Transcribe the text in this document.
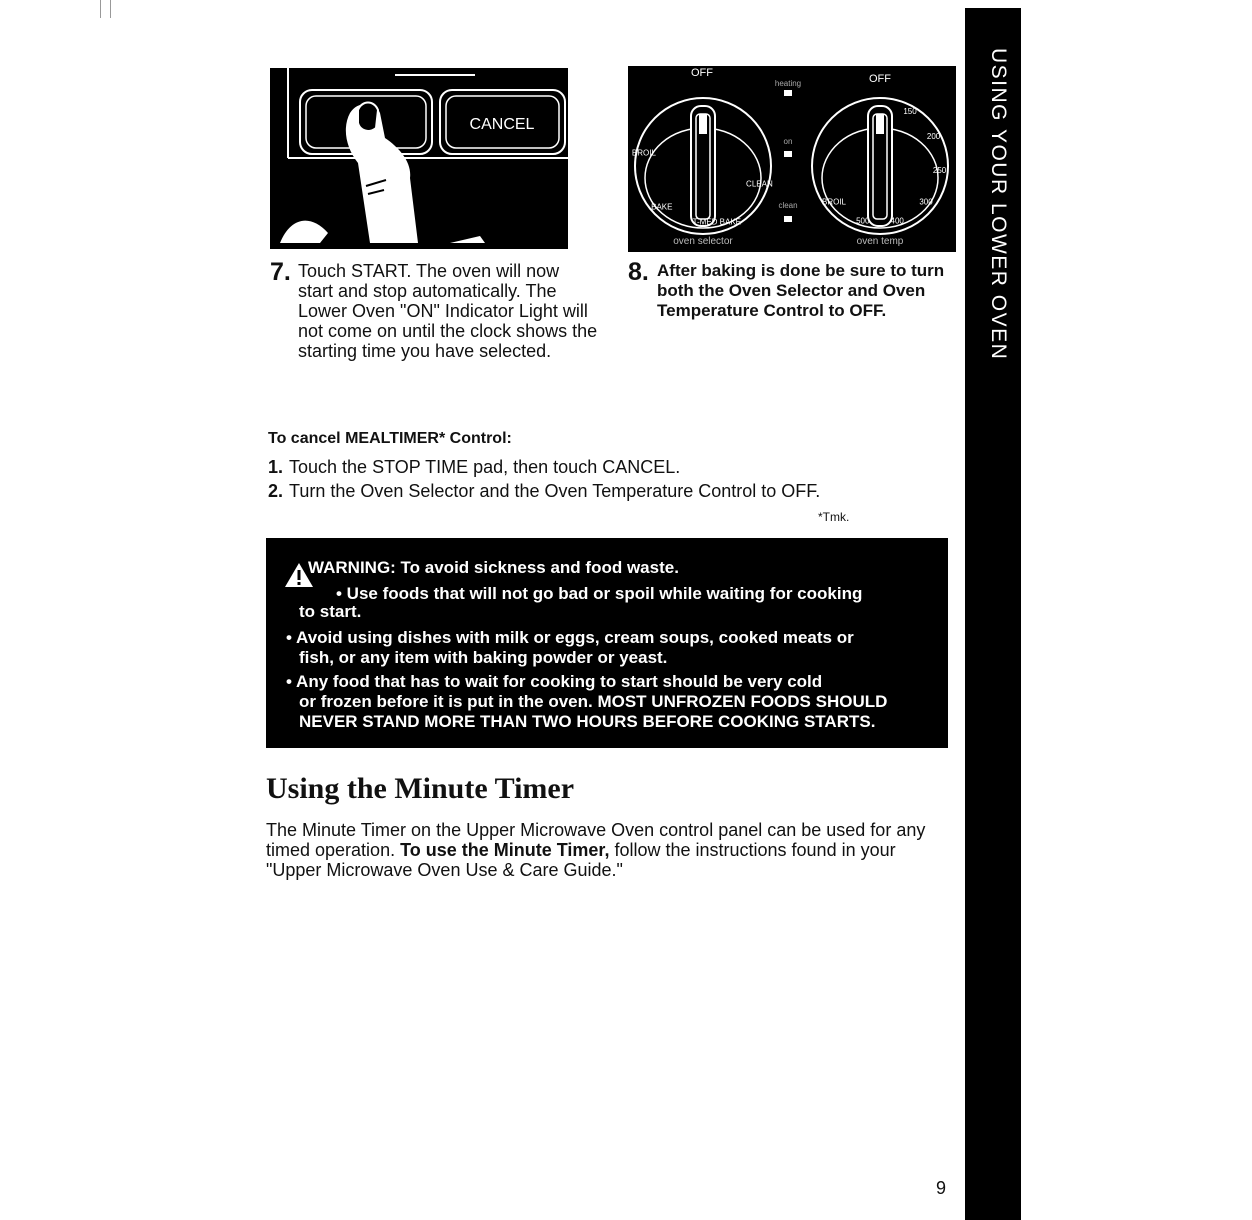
USING YOUR LOWER OVEN
CANCEL
7. Touch START. The oven will now start and stop automatically. The Lower Oven "ON" Indicator Light will not come on until the clock shows the starting time you have selected.
OFF	OFF
heating
on
clean
BROIL
BAKE
T-MED BAKE
CLEAN
150
200
250
300
400
500
BROIL
oven selector	oven temp
8. After baking is done be sure to turn both the Oven Selector and Oven Temperature Control to OFF.
To cancel MEALTIMER* Control:
1. Touch the STOP TIME pad, then touch CANCEL.
2. Turn the Oven Selector and the Oven Temperature Control to OFF.
*Tmk.
WARNING: To avoid sickness and food waste.
• Use foods that will not go bad or spoil while waiting for cooking
to start.
• Avoid using dishes with milk or eggs, cream soups, cooked meats or
fish, or any item with baking powder or yeast.
• Any food that has to wait for cooking to start should be very cold
or frozen before it is put in the oven. MOST UNFROZEN FOODS SHOULD
NEVER STAND MORE THAN TWO HOURS BEFORE COOKING STARTS.
Using the Minute Timer
The Minute Timer on the Upper Microwave Oven control panel can be used for any timed operation. To use the Minute Timer, follow the instructions found in your "Upper Microwave Oven Use & Care Guide."
9
